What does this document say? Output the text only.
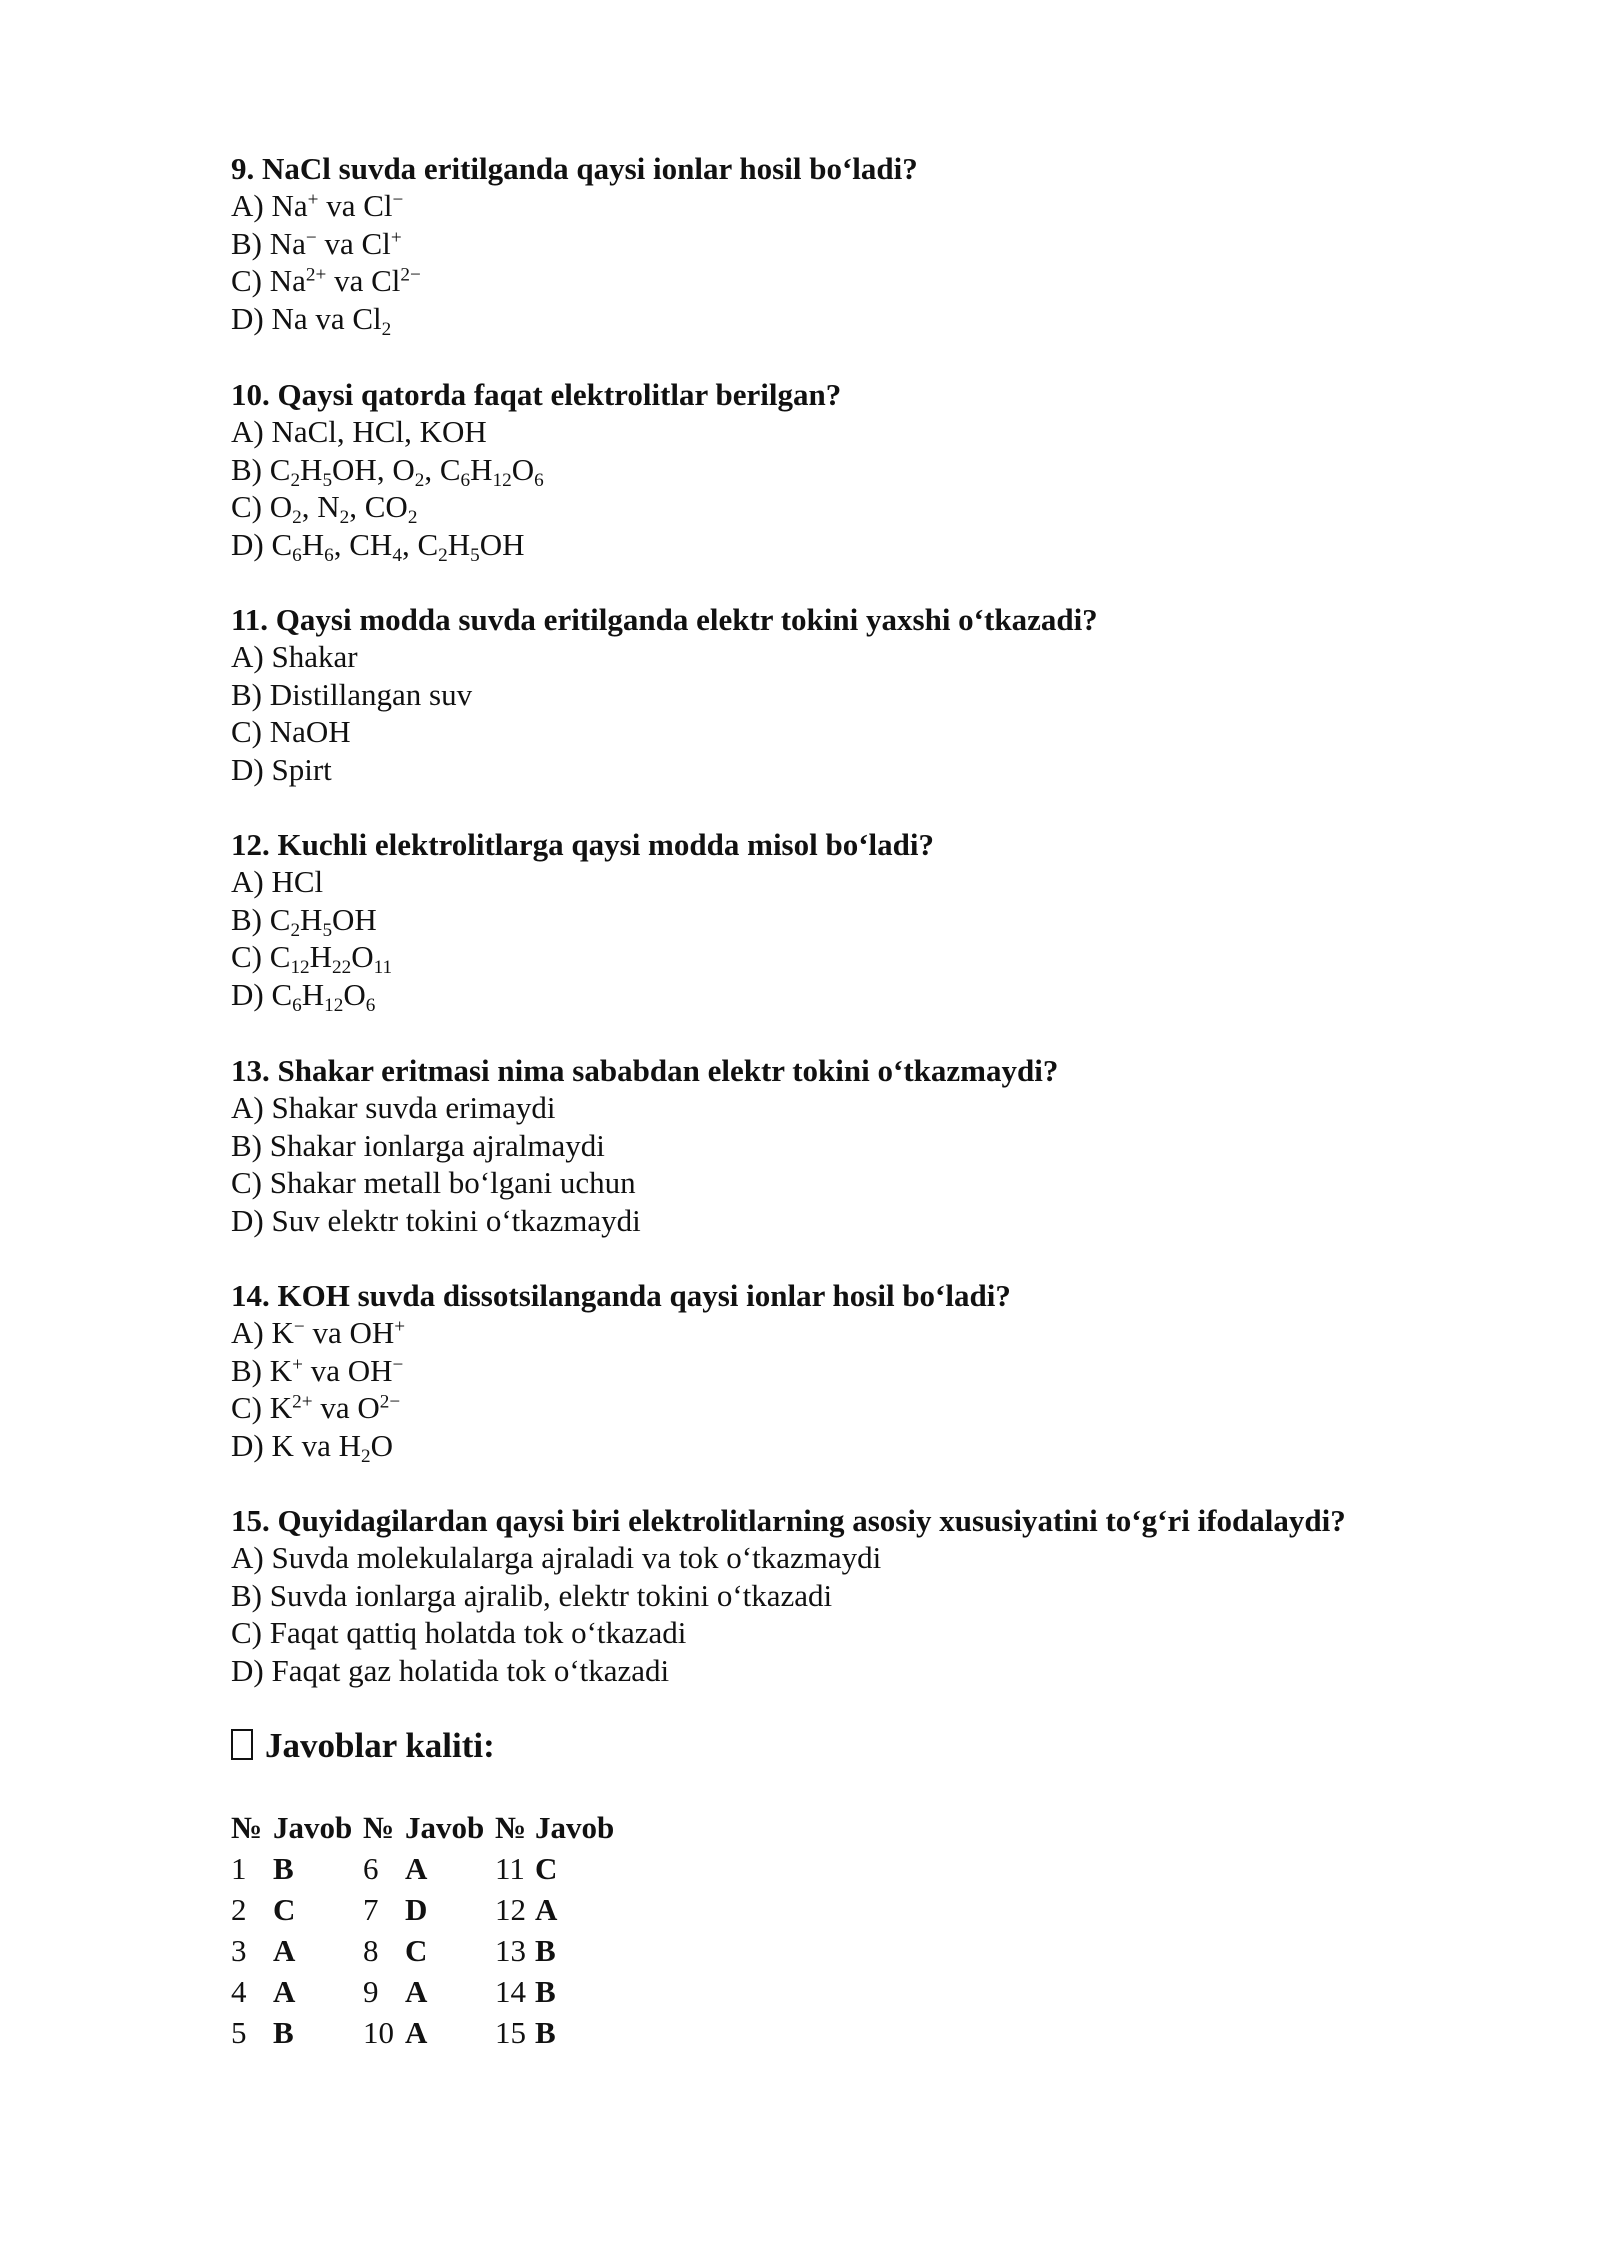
9. NaCl suvda eritilganda qaysi ionlar hosil bo‘ladi?

A) Na+ va Cl−

B) Na− va Cl+

C) $Na^{2+}$ va $Cl^{2-}$

D) Na va $Cl_2$

10. Qaysi qatorda faqat elektrolitlar berilgan?

A) NaCl, HCl, KOH

B) $C_2H_5OH$, $O_2$, $C_6H_{12}O_6$

C) $O_2$, $N_2$, $CO_2$

D) $C_6H_6$, $CH_4$, $C_2H_5OH$

11. Qaysi modda suvda eritilganda elektr tokini yaxshi o‘tkazadi?

A) Shakar

B) Distillangan suv

C) NaOH

D) Spirt

12. Kuchli elektrolitlarga qaysi modda misol bo‘ladi?

A) HCl

B) $C_2H_5OH$

C) $C_{12}H_{22}O_{11}$

D) $C_6H_{12}O_6$

13. Shakar eritmasi nima sababdan elektr tokini o‘tkazmaydi?

A) Shakar suvda erimaydi

B) Shakar ionlarga ajralmaydi

C) Shakar metall bo‘lgani uchun

D) Suv elektr tokini o‘tkazmaydi

14. KOH suvda dissotsilanganda qaysi ionlar hosil bo‘ladi?

A) K− va OH+

B) K+ va OH−

C) $K^{2+}$ va $O^{2-}$

D) K va $H_2O$

15. Quyidagilardan qaysi biri elektrolitlarning asosiy xususiyatini to‘g‘ri ifodalaydi?

A) Suvda molekulalarga ajraladi va tok o‘tkazmaydi

B) Suvda ionlarga ajralib, elektr tokini o‘tkazadi

C) Faqat qattiq holatda tok o‘tkazadi

D) Faqat gaz holatida tok o‘tkazadi

Javoblar kaliti:
№	Javob	№	Javob	№	Javob
1	B	6	A	11	C
2	C	7	D	12	A
3	A	8	C	13	B
4	A	9	A	14	B
5	B	10	A	15	B
